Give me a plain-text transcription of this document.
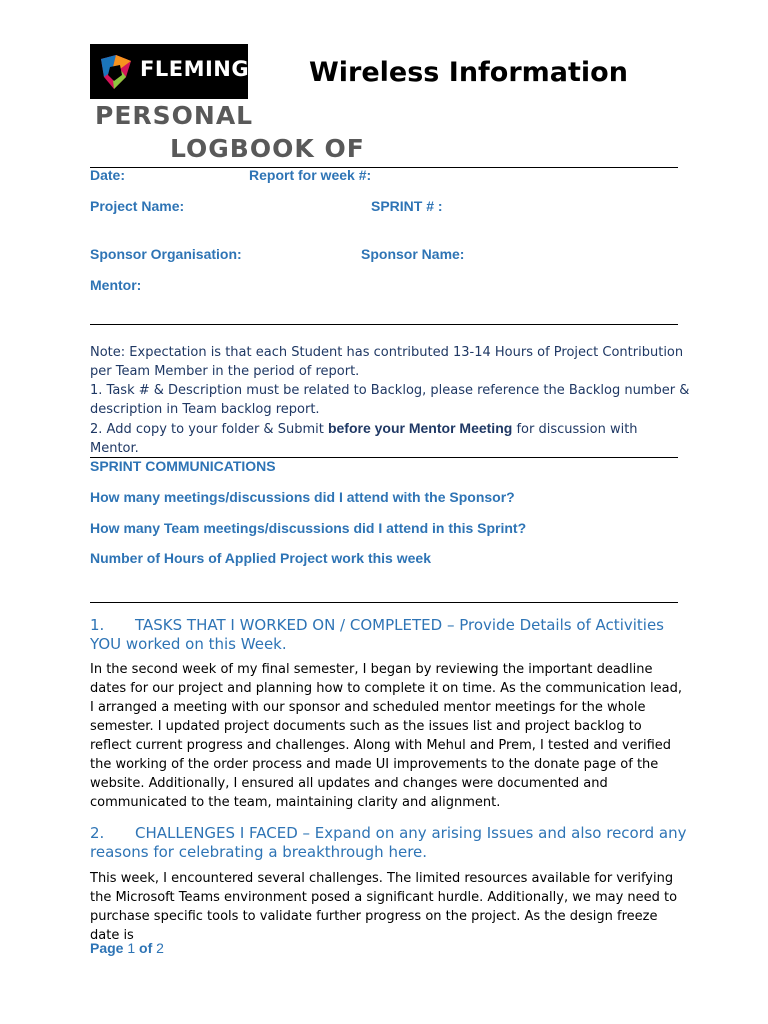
FLEMING Wireless Information
PERSONAL
LOGBOOK OF
Date:	Report for week #:
Project Name:	SPRINT # :
Sponsor Organisation:	Sponsor Name:
Mentor:
Note: Expectation is that each Student has contributed 13-14 Hours of Project Contribution per Team Member in the period of report.
1. Task # & Description must be related to Backlog, please reference the Backlog number & description in Team backlog report.
2. Add copy to your folder & Submit before your Mentor Meeting for discussion with Mentor.
SPRINT COMMUNICATIONS
How many meetings/discussions did I attend with the Sponsor?
How many Team meetings/discussions did I attend in this Sprint?
Number of Hours of Applied Project work this week
1. TASKS THAT I WORKED ON / COMPLETED – Provide Details of Activities YOU worked on this Week.
In the second week of my final semester, I began by reviewing the important deadline dates for our project and planning how to complete it on time. As the communication lead, I arranged a meeting with our sponsor and scheduled mentor meetings for the whole semester. I updated project documents such as the issues list and project backlog to reflect current progress and challenges. Along with Mehul and Prem, I tested and verified the working of the order process and made UI improvements to the donate page of the website. Additionally, I ensured all updates and changes were documented and communicated to the team, maintaining clarity and alignment.
2. CHALLENGES I FACED – Expand on any arising Issues and also record any reasons for celebrating a breakthrough here.
This week, I encountered several challenges. The limited resources available for verifying the Microsoft Teams environment posed a significant hurdle. Additionally, we may need to purchase specific tools to validate further progress on the project. As the design freeze date is
Page 1 of 2
